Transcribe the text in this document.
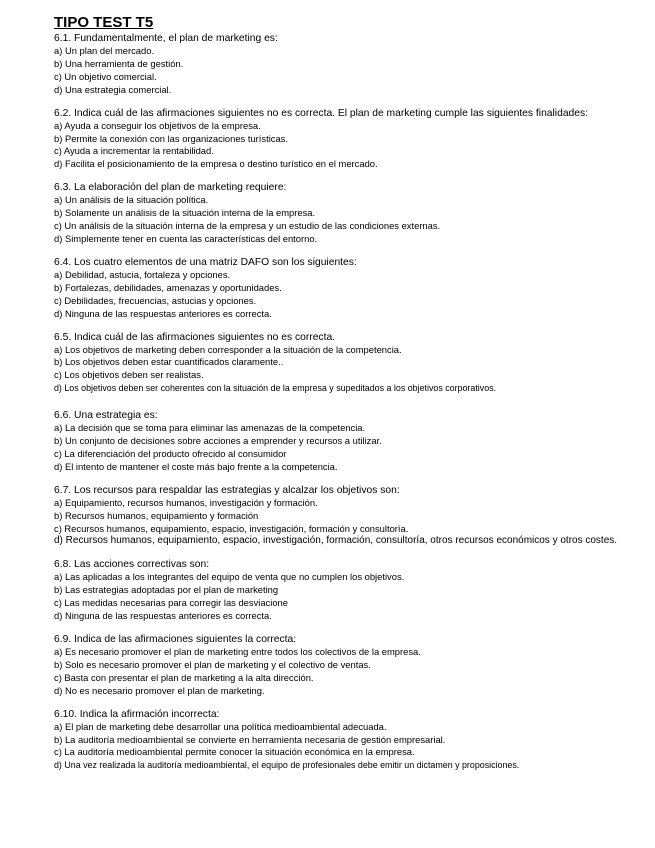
TIPO TEST T5

6.1. Fundamentalmente, el plan de marketing es:

a) Un plan del mercado.

b) Una herramienta de gestión.

c) Un objetivo comercial.

d) Una estrategia comercial.

6.2. Indica cuál de las afirmaciones siguientes no es correcta. El plan de marketing cumple las siguientes finalidades:

a) Ayuda a conseguir los objetivos de la empresa.

b) Permite la conexión con las organizaciones turísticas.

c) Ayuda a incrementar la rentabilidad.

d) Facilita el posicionamiento de la empresa o destino turístico en el mercado.

6.3. La elaboración del plan de marketing requiere:

a) Un análisis de la situación política.

b) Solamente un análisis de la situación interna de la empresa.

c) Un análisis de la situación interna de la empresa y un estudio de las condiciones externas.

d) Simplemente tener en cuenta las características del entorno.

6.4. Los cuatro elementos de una matriz DAFO son los siguientes:

a) Debilidad, astucia, fortaleza y opciones.

b) Fortalezas, debilidades, amenazas y oportunidades.

c) Debilidades, frecuencias, astucias y opciones.

d) Ninguna de las respuestas anteriores es correcta.

6.5. Indica cuál de las afirmaciones siguientes no es correcta.

a) Los objetivos de marketing deben corresponder a la situación de la competencia.

b) Los objetivos deben estar cuantificados claramente..

c) Los objetivos deben ser realistas.

d) Los objetivos deben ser coherentes con la situación de la empresa y supeditados a los objetivos corporativos.

6.6. Una estrategia es:

a) La decisión que se toma para eliminar las amenazas de la competencia.

b) Un conjunto de decisiones sobre acciones a emprender y recursos a utilizar.

c) La diferenciación del producto ofrecido al consumidor

d) El intento de mantener el coste más bajo frente a la competencia.

6.7. Los recursos para respaldar las estrategias y alcalzar los objetivos son:

a) Equipamiento, recursos humanos, investigación y formación.

b) Recursos humanos, equipamiento y formación

c) Recursos humanos, equipamiento, espacio, investigación, formación y consultoría.

d) Recursos humanos, equipamiento, espacio, investigación, formación, consultoría, otros recursos económicos y otros costes.

6.8. Las acciones correctivas son:

a) Las aplicadas a los integrantes del equipo de venta que no cumplen los objetivos.

b) Las estrategias adoptadas por el plan de marketing

c) Las medidas necesarias para corregir las desviacione

d) Ninguna de las respuestas anteriores es correcta.

6.9. Indica de las afirmaciones siguientes la correcta:

a) Es necesario promover el plan de marketing entre todos los colectivos de la empresa.

b) Solo es necesario promover el plan de marketing y el colectivo de ventas.

c) Basta con presentar el plan de marketing a la alta dirección.

d) No es necesario promover el plan de marketing.

6.10. Indica la afirmación incorrecta:

a) El plan de marketing debe desarrollar una política medioambiental adecuada.

b) La auditoría medioambiental se convierte en herramienta necesaria de gestión empresarial.

c) La auditoría medioambiental permite conocer la situación económica en la empresa.

d) Una vez realizada la auditoría medioambiental, el equipo de profesionales debe emitir un dictamen y proposiciones.
